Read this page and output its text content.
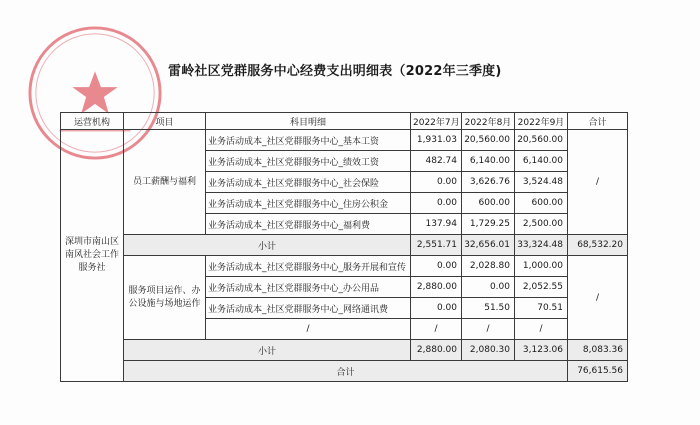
雷岭社区党群服务中心经费支出明细表（2022年三季度)
运营机构	项目	科目明细	2022年7月	2022年8月	2022年9月	合计
深圳市南山区南风社会工作服务社	员工薪酬与福利	业务活动成本_社区党群服务中心_基本工资	1,931.03	20,560.00	20,560.00	/
		业务活动成本_社区党群服务中心_绩效工资	482.74	6,140.00	6,140.00	
		业务活动成本_社区党群服务中心_社会保险	0.00	3,626.76	3,524.48	
		业务活动成本_社区党群服务中心_住房公积金	0.00	600.00	600.00	
		业务活动成本_社区党群服务中心_福利费	137.94	1,729.25	2,500.00	
	小计		2,551.71	32,656.01	33,324.48	68,532.20
	服务项目运作、办公设施与场地运作	业务活动成本_社区党群服务中心_服务开展和宣传	0.00	2,028.80	1,000.00	/
		业务活动成本_社区党群服务中心_办公用品	2,880.00	0.00	2,052.55	
		业务活动成本_社区党群服务中心_网络通讯费	0.00	51.50	70.51	
		/	/	/	/	
	小计		2,880.00	2,080.30	3,123.06	8,083.36
	合计					76,615.56
